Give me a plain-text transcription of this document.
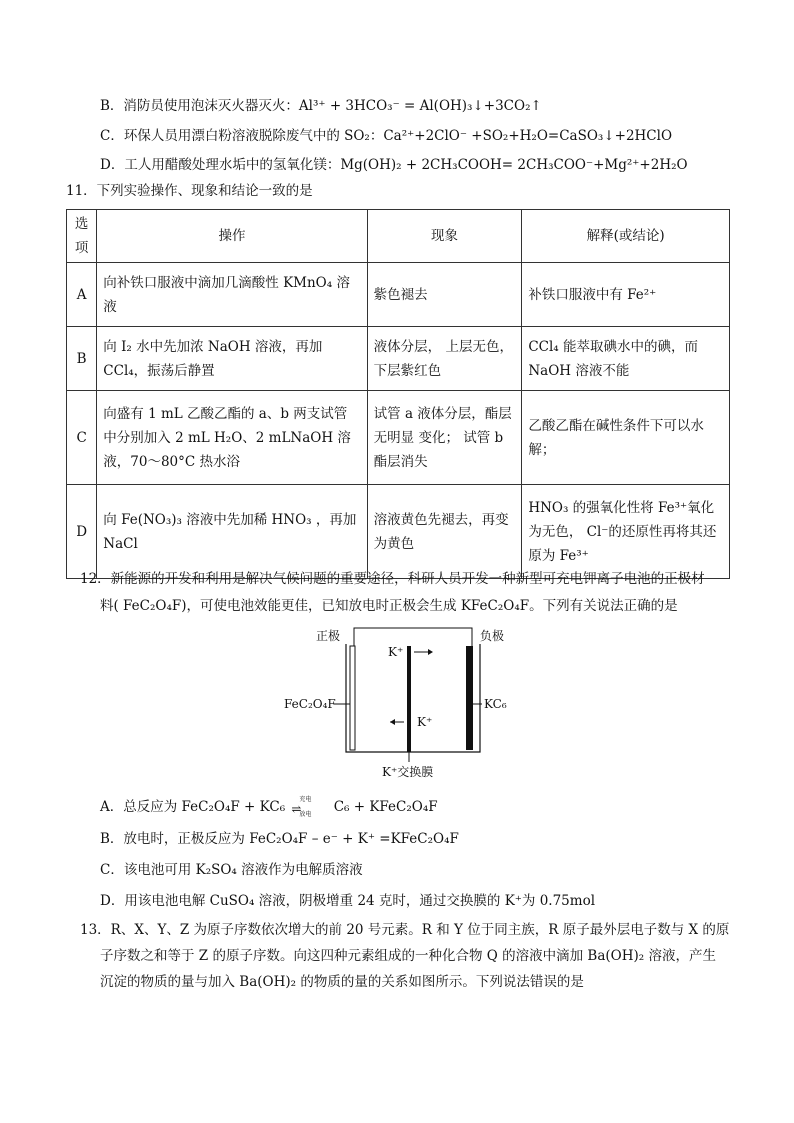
B．消防员使用泡沫灭火器灭火：Al³⁺ + 3HCO₃⁻ = Al(OH)₃↓+3CO₂↑
C．环保人员用漂白粉溶液脱除废气中的 SO₂：Ca²⁺+2ClO⁻ +SO₂+H₂O=CaSO₃↓+2HClO
D．工人用醋酸处理水垢中的氢氧化镁：Mg(OH)₂ + 2CH₃COOH= 2CH₃COO⁻+Mg²⁺+2H₂O
11．下列实验操作、现象和结论一致的是
选项	操作	现象	解释(或结论)
A	向补铁口服液中滴加几滴酸性 KMnO₄ 溶液	紫色褪去	补铁口服液中有 Fe²⁺
B	向 I₂ 水中先加浓 NaOH 溶液，再加 CCl₄，振荡后静置	液体分层， 上层无色，下层紫红色	CCl₄ 能萃取碘水中的碘，而 NaOH 溶液不能
C	向盛有 1 mL 乙酸乙酯的 a、b 两支试管中分别加入 2 mL H₂O、2 mLNaOH 溶液，70～80°C 热水浴	试管 a 液体分层，酯层无明显 变化； 试管 b 酯层消失	乙酸乙酯在碱性条件下可以水解；
D	向 Fe(NO₃)₃ 溶液中先加稀 HNO₃ ，再加 NaCl	溶液黄色先褪去，再变为黄色	HNO₃ 的强氧化性将 Fe³⁺氧化为无色， Cl⁻的还原性再将其还原为 Fe³⁺
12．新能源的开发和利用是解决气候问题的重要途径，科研人员开发一种新型可充电钾离子电池的正极材
料( FeC₂O₄F)，可使电池效能更佳，已知放电时正极会生成 KFeC₂O₄F。下列有关说法正确的是
正极	负极
FeC₂O₄F	KC₆
K⁺
K⁺
K⁺交换膜
A．总反应为 FeC₂O₄F + KC₆ 充电
⇌
放电 C₆ + KFeC₂O₄F
B．放电时，正极反应为 FeC₂O₄F – e⁻ + K⁺ =KFeC₂O₄F
C．该电池可用 K₂SO₄ 溶液作为电解质溶液
D．用该电池电解 CuSO₄ 溶液，阴极增重 24 克时，通过交换膜的 K⁺为 0.75mol
13．R、X、Y、Z 为原子序数依次增大的前 20 号元素。R 和 Y 位于同主族，R 原子最外层电子数与 X 的原
子序数之和等于 Z 的原子序数。向这四种元素组成的一种化合物 Q 的溶液中滴加 Ba(OH)₂ 溶液，产生
沉淀的物质的量与加入 Ba(OH)₂ 的物质的量的关系如图所示。下列说法错误的是
